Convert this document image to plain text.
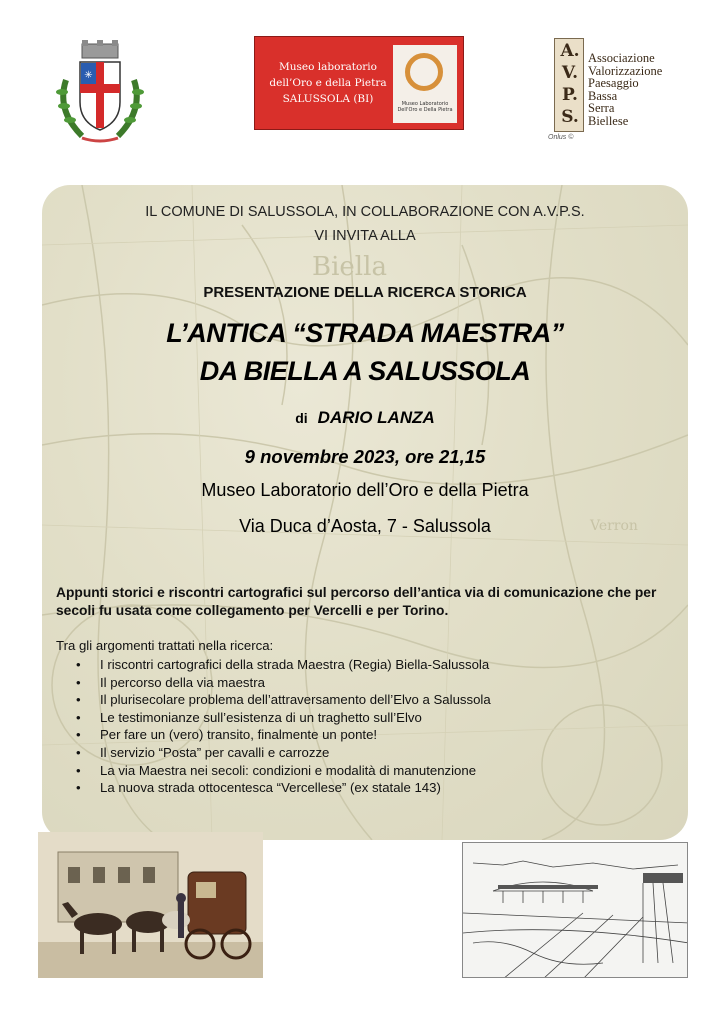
✳
Museo laboratorio
dell’Oro e della Pietra
SALUSSOLA (BI)	Museo Laboratorio Dell'Oro e Della Pietra
A.
V.
P.
S.
Associazione
Valorizzazione
Paesaggio
Bassa
Serra
Biellese
Onlus ©
Biella
Verron
IL COMUNE DI SALUSSOLA, IN COLLABORAZIONE CON A.V.P.S.
VI INVITA ALLA
PRESENTAZIONE DELLA RICERCA STORICA
L’ANTICA “STRADA MAESTRA”
DA BIELLA A SALUSSOLA
di DARIO LANZA
9 novembre 2023, ore 21,15
Museo Laboratorio dell’Oro e della Pietra
Via Duca d’Aosta, 7 - Salussola
Appunti storici e riscontri cartografici sul percorso dell’antica via di comunicazione che per secoli fu usata come collegamento per Vercelli e per Torino.
Tra gli argomenti trattati nella ricerca:
• I riscontri cartografici della strada Maestra (Regia) Biella-Salussola
• Il percorso della via maestra
• Il plurisecolare problema dell’attraversamento dell’Elvo a Salussola
• Le testimonianze sull’esistenza di un traghetto sull’Elvo
• Per fare un (vero) transito, finalmente un ponte!
• Il servizio “Posta” per cavalli e carrozze
• La via Maestra nei secoli: condizioni e modalità di manutenzione
• La nuova strada ottocentesca “Vercellese” (ex statale 143)
